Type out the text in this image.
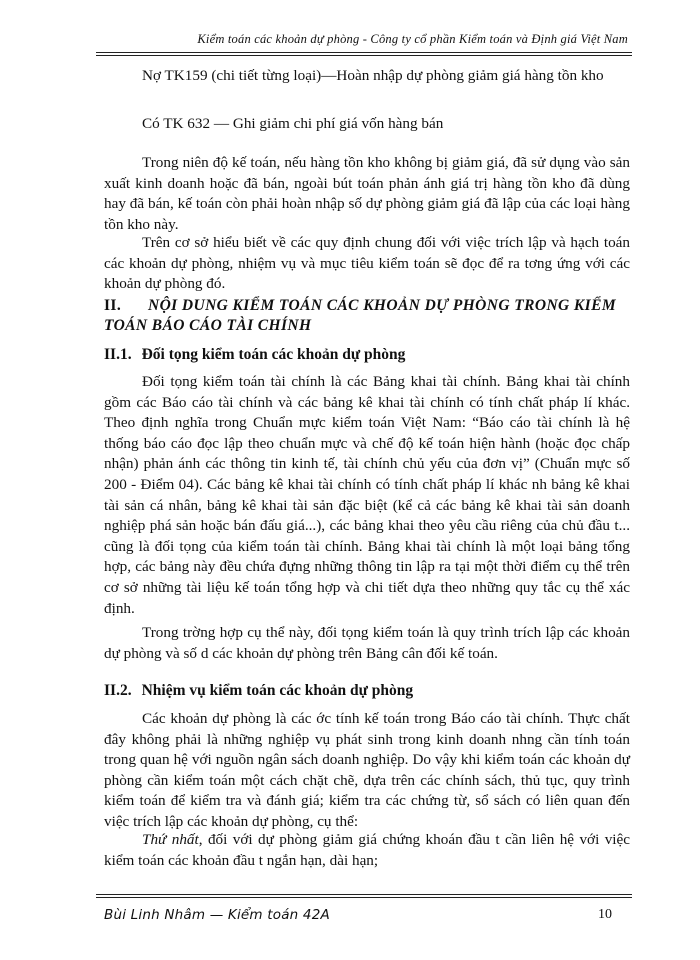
Kiểm toán các khoản dự phòng - Công ty cổ phần Kiểm toán và Định giá Việt Nam

Nợ TK159 (chi tiết từng loại)—Hoàn nhập dự phòng giảm giá hàng tồn kho

Có TK 632 — Ghi giảm chi phí giá vốn hàng bán

Trong niên độ kế toán, nếu hàng tồn kho không bị giảm giá, đã sử dụng vào sản xuất kinh doanh hoặc đã bán, ngoài bút toán phản ánh giá trị hàng tồn kho đã dùng hay đã bán, kế toán còn phải hoàn nhập số dự phòng giảm giá đã lập của các loại hàng tồn kho này.

Trên cơ sở hiểu biết về các quy định chung đối với việc trích lập và hạch toán các khoản dự phòng, nhiệm vụ và mục tiêu kiểm toán sẽ đọc để ra tơng ứng với các khoản dự phòng đó.

II. NỘI DUNG KIỂM TOÁN CÁC KHOẢN DỰ PHÒNG TRONG KIỂM TOÁN BÁO CÁO TÀI CHÍNH
II.1. Đối tọng kiểm toán các khoản dự phòng

Đối tọng kiểm toán tài chính là các Bảng khai tài chính. Bảng khai tài chính gồm các Báo cáo tài chính và các bảng kê khai tài chính có tính chất pháp lí khác. Theo định nghĩa trong Chuẩn mực kiểm toán Việt Nam: “Báo cáo tài chính là hệ thống báo cáo đọc lập theo chuẩn mực và chế độ kế toán hiện hành (hoặc đọc chấp nhận) phản ánh các thông tin kinh tế, tài chính chủ yếu của đơn vị” (Chuẩn mực số 200 - Điểm 04). Các bảng kê khai tài chính có tính chất pháp lí khác nh bảng kê khai tài sản cá nhân, bảng kê khai tài sản đặc biệt (kể cả các bảng kê khai tài sản doanh nghiệp phá sản hoặc bán đấu giá...), các bảng khai theo yêu cầu riêng của chủ đầu t... cũng là đối tọng của kiểm toán tài chính. Bảng khai tài chính là một loại bảng tổng hợp, các bảng này đều chứa đựng những thông tin lập ra tại một thời điểm cụ thể trên cơ sở những tài liệu kế toán tổng hợp và chi tiết dựa theo những quy tắc cụ thể xác định.

Trong trờng hợp cụ thể này, đối tọng kiểm toán là quy trình trích lập các khoản dự phòng và số d các khoản dự phòng trên Bảng cân đối kế toán.

II.2. Nhiệm vụ kiểm toán các khoản dự phòng

Các khoản dự phòng là các ớc tính kế toán trong Báo cáo tài chính. Thực chất đây không phải là những nghiệp vụ phát sinh trong kinh doanh nhng cần tính toán trong quan hệ với nguồn ngân sách doanh nghiệp. Do vậy khi kiểm toán các khoản dự phòng cần kiểm toán một cách chặt chẽ, dựa trên các chính sách, thủ tục, quy trình kiểm toán để kiểm tra và đánh giá; kiểm tra các chứng từ, sổ sách có liên quan đến việc trích lập các khoản dự phòng, cụ thể:

Thứ nhất, đối với dự phòng giảm giá chứng khoán đầu t cần liên hệ với việc kiểm toán các khoản đầu t ngắn hạn, dài hạn;

Bùi Linh Nhâm — Kiểm toán 42A	10
